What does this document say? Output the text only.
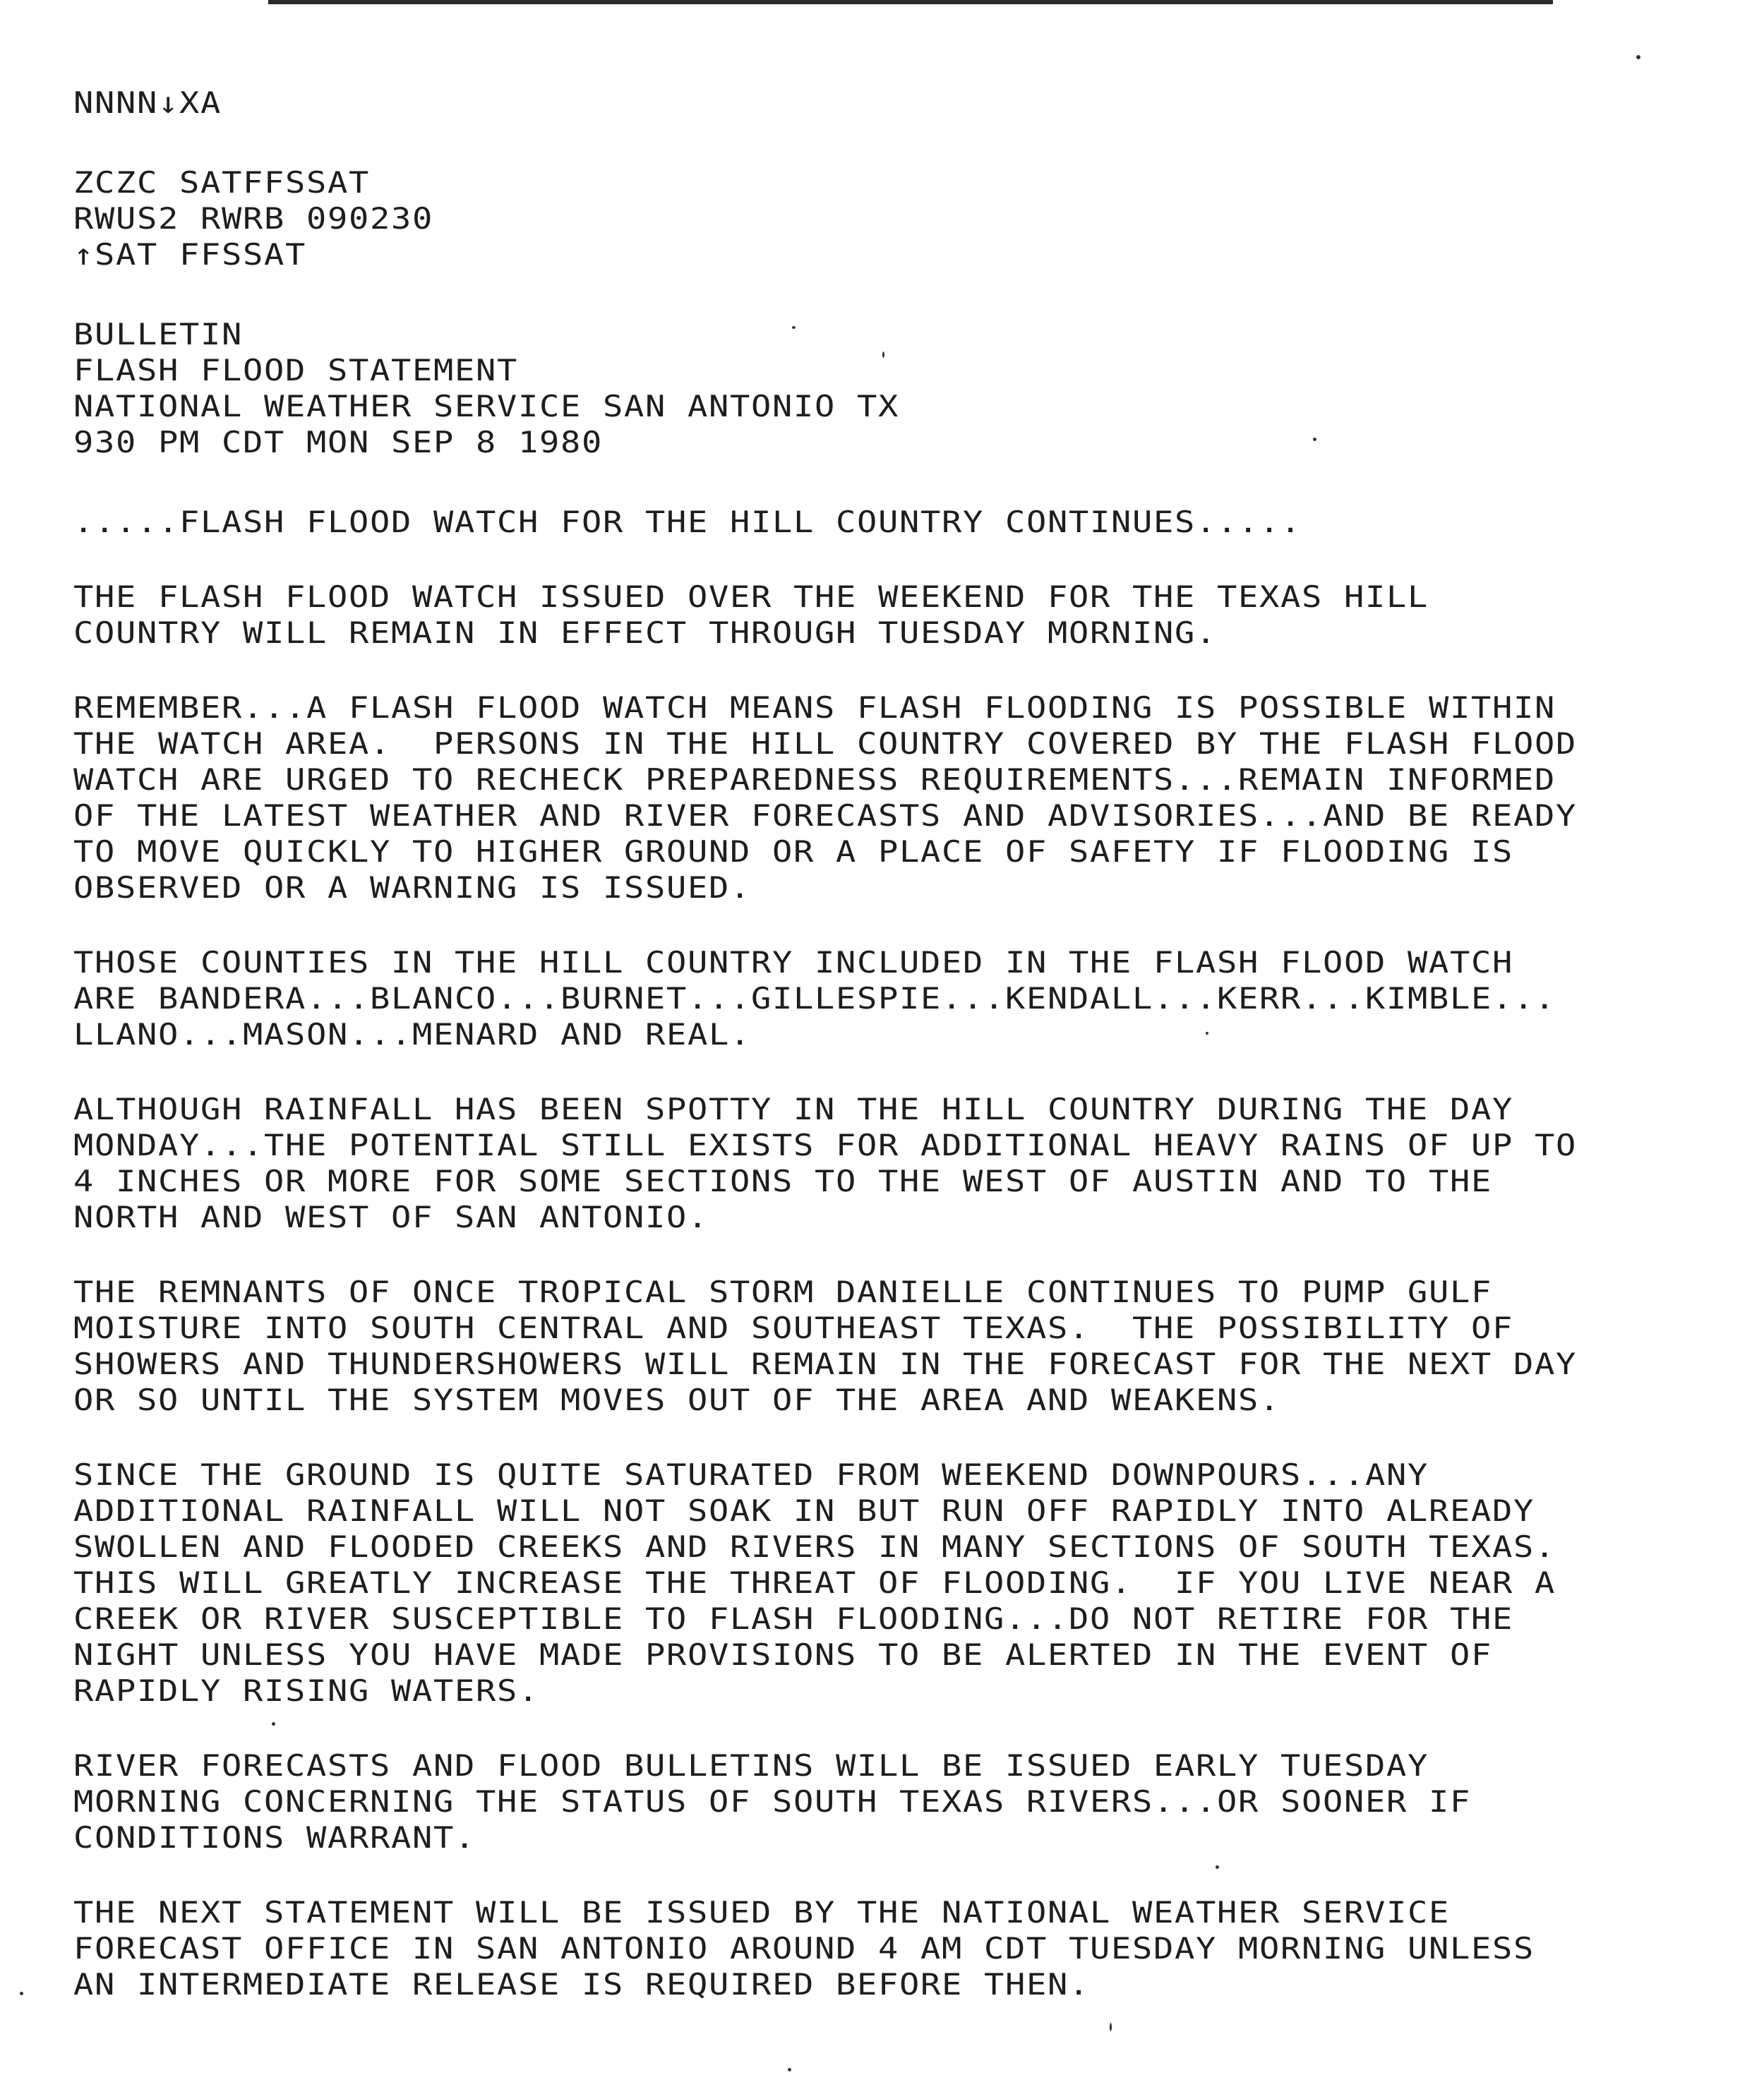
NNNN↓XA
ZCZC SATFFSSAT
RWUS2 RWRB 090230
↑SAT FFSSAT
BULLETIN
FLASH FLOOD STATEMENT
NATIONAL WEATHER SERVICE SAN ANTONIO TX
930 PM CDT MON SEP 8 1980
.....FLASH FLOOD WATCH FOR THE HILL COUNTRY CONTINUES.....
THE FLASH FLOOD WATCH ISSUED OVER THE WEEKEND FOR THE TEXAS HILL
COUNTRY WILL REMAIN IN EFFECT THROUGH TUESDAY MORNING.
REMEMBER...A FLASH FLOOD WATCH MEANS FLASH FLOODING IS POSSIBLE WITHIN
THE WATCH AREA.  PERSONS IN THE HILL COUNTRY COVERED BY THE FLASH FLOOD
WATCH ARE URGED TO RECHECK PREPAREDNESS REQUIREMENTS...REMAIN INFORMED
OF THE LATEST WEATHER AND RIVER FORECASTS AND ADVISORIES...AND BE READY
TO MOVE QUICKLY TO HIGHER GROUND OR A PLACE OF SAFETY IF FLOODING IS
OBSERVED OR A WARNING IS ISSUED.
THOSE COUNTIES IN THE HILL COUNTRY INCLUDED IN THE FLASH FLOOD WATCH
ARE BANDERA...BLANCO...BURNET...GILLESPIE...KENDALL...KERR...KIMBLE...
LLANO...MASON...MENARD AND REAL.
ALTHOUGH RAINFALL HAS BEEN SPOTTY IN THE HILL COUNTRY DURING THE DAY
MONDAY...THE POTENTIAL STILL EXISTS FOR ADDITIONAL HEAVY RAINS OF UP TO
4 INCHES OR MORE FOR SOME SECTIONS TO THE WEST OF AUSTIN AND TO THE
NORTH AND WEST OF SAN ANTONIO.
THE REMNANTS OF ONCE TROPICAL STORM DANIELLE CONTINUES TO PUMP GULF
MOISTURE INTO SOUTH CENTRAL AND SOUTHEAST TEXAS.  THE POSSIBILITY OF
SHOWERS AND THUNDERSHOWERS WILL REMAIN IN THE FORECAST FOR THE NEXT DAY
OR SO UNTIL THE SYSTEM MOVES OUT OF THE AREA AND WEAKENS.
SINCE THE GROUND IS QUITE SATURATED FROM WEEKEND DOWNPOURS...ANY
ADDITIONAL RAINFALL WILL NOT SOAK IN BUT RUN OFF RAPIDLY INTO ALREADY
SWOLLEN AND FLOODED CREEKS AND RIVERS IN MANY SECTIONS OF SOUTH TEXAS.
THIS WILL GREATLY INCREASE THE THREAT OF FLOODING.  IF YOU LIVE NEAR A
CREEK OR RIVER SUSCEPTIBLE TO FLASH FLOODING...DO NOT RETIRE FOR THE
NIGHT UNLESS YOU HAVE MADE PROVISIONS TO BE ALERTED IN THE EVENT OF
RAPIDLY RISING WATERS.
RIVER FORECASTS AND FLOOD BULLETINS WILL BE ISSUED EARLY TUESDAY
MORNING CONCERNING THE STATUS OF SOUTH TEXAS RIVERS...OR SOONER IF
CONDITIONS WARRANT.
THE NEXT STATEMENT WILL BE ISSUED BY THE NATIONAL WEATHER SERVICE
FORECAST OFFICE IN SAN ANTONIO AROUND 4 AM CDT TUESDAY MORNING UNLESS
AN INTERMEDIATE RELEASE IS REQUIRED BEFORE THEN.
